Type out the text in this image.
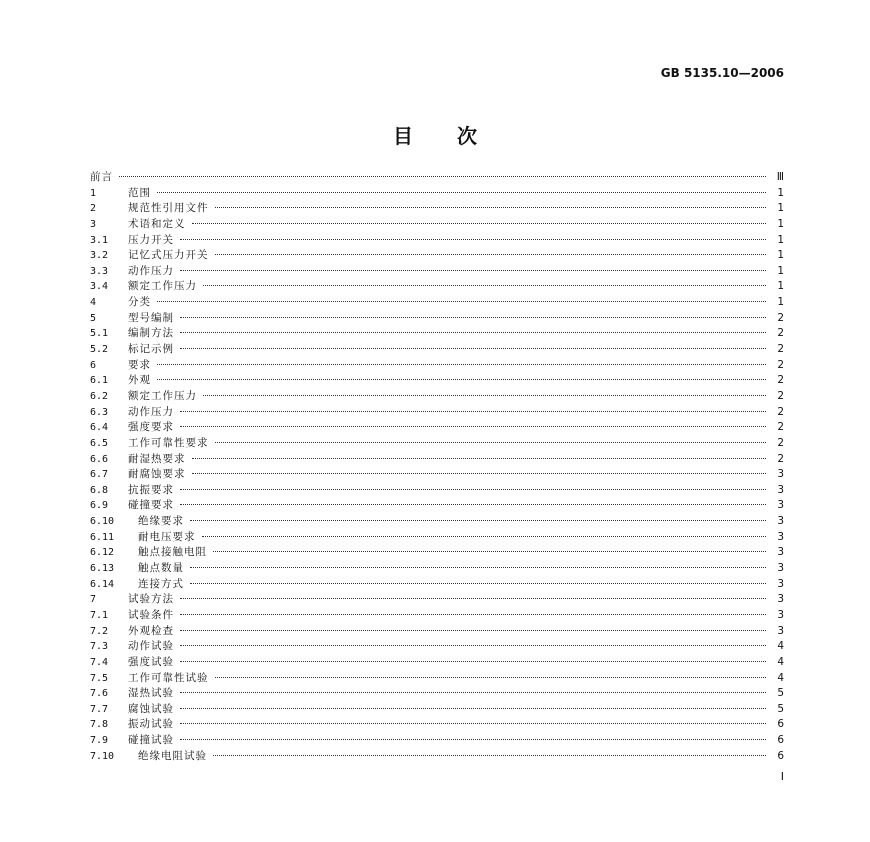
GB 5135.10—2006
目 次
前言	Ⅲ
1	范围	1
2	规范性引用文件	1
3	术语和定义	1
3.1	压力开关	1
3.2	记忆式压力开关	1
3.3	动作压力	1
3.4	额定工作压力	1
4	分类	1
5	型号编制	2
5.1	编制方法	2
5.2	标记示例	2
6	要求	2
6.1	外观	2
6.2	额定工作压力	2
6.3	动作压力	2
6.4	强度要求	2
6.5	工作可靠性要求	2
6.6	耐湿热要求	2
6.7	耐腐蚀要求	3
6.8	抗振要求	3
6.9	碰撞要求	3
6.10	绝缘要求	3
6.11	耐电压要求	3
6.12	触点接触电阻	3
6.13	触点数量	3
6.14	连接方式	3
7	试验方法	3
7.1	试验条件	3
7.2	外观检查	3
7.3	动作试验	4
7.4	强度试验	4
7.5	工作可靠性试验	4
7.6	湿热试验	5
7.7	腐蚀试验	5
7.8	振动试验	6
7.9	碰撞试验	6
7.10	绝缘电阻试验	6
I
